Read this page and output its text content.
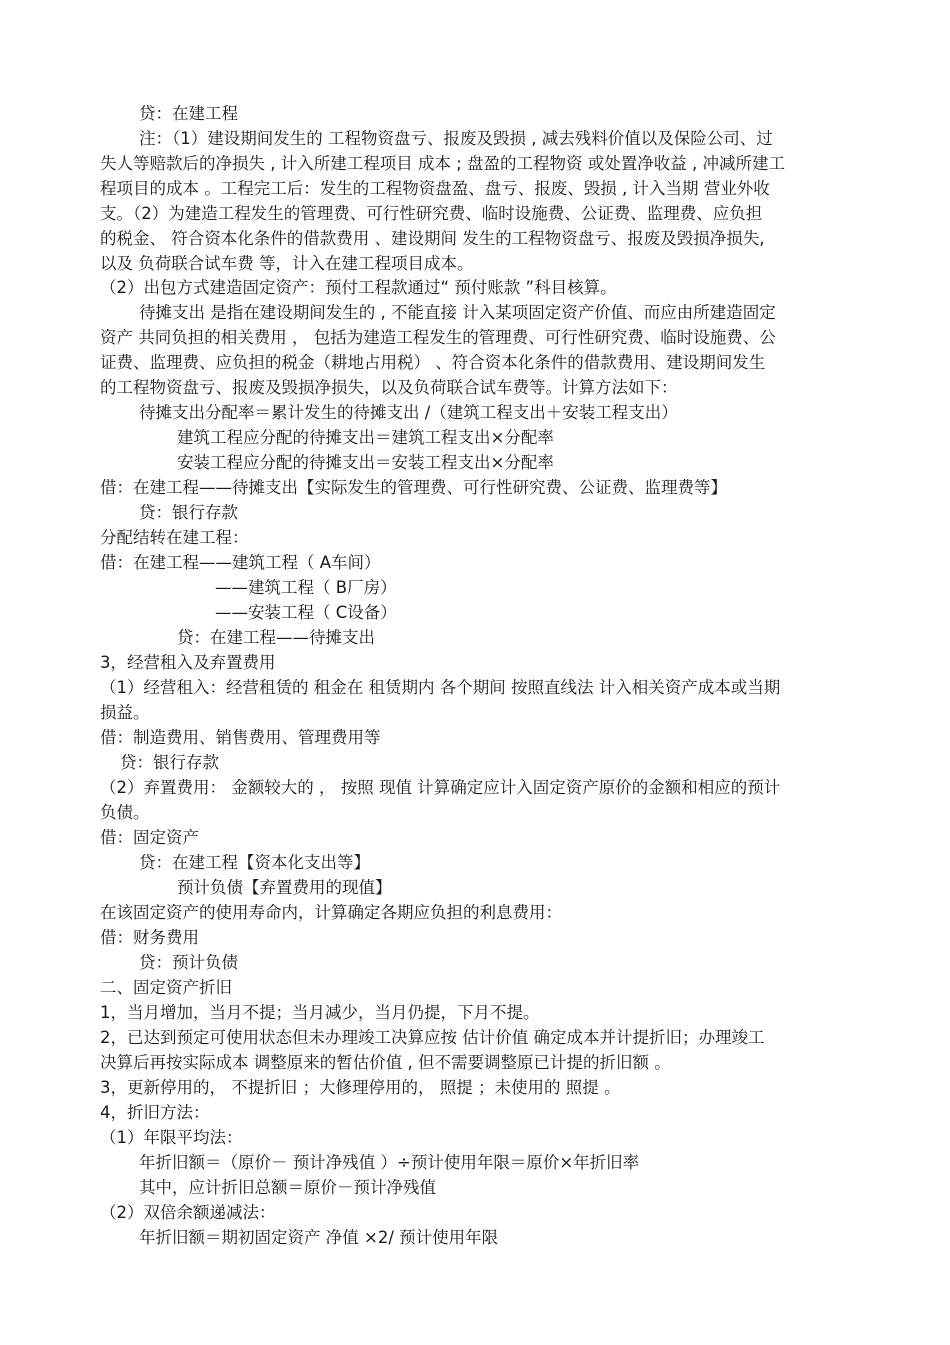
贷：在建工程
注：（1）建设期间发生的 工程物资盘亏、报废及毁损 , 减去残料价值以及保险公司、过
失人等赔款后的净损失 , 计入所建工程项目 成本 ; 盘盈的工程物资 或处置净收益 , 冲减所建工
程项目的成本 。工程完工后：发生的工程物资盘盈、盘亏、报废、毁损 , 计入当期 营业外收
支。（2）为建造工程发生的管理费、可行性研究费、临时设施费、公证费、监理费、应负担
的税金、 符合资本化条件的借款费用 、建设期间 发生的工程物资盘亏、报废及毁损净损失,
以及 负荷联合试车费 等，计入在建工程项目成本。
（2）出包方式建造固定资产：预付工程款通过“ 预付账款 ”科目核算。
待摊支出 是指在建设期间发生的 , 不能直接 计入某项固定资产价值、而应由所建造固定
资产 共同负担的相关费用 ， 包括为建造工程发生的管理费、可行性研究费、临时设施费、公
证费、监理费、应负担的税金（耕地占用税） 、符合资本化条件的借款费用、建设期间发生
的工程物资盘亏、报废及毁损净损失，以及负荷联合试车费等。计算方法如下：
待摊支出分配率＝累计发生的待摊支出 /（建筑工程支出＋安装工程支出）
建筑工程应分配的待摊支出＝建筑工程支出×分配率
安装工程应分配的待摊支出＝安装工程支出×分配率
借：在建工程——待摊支出【实际发生的管理费、可行性研究费、公证费、监理费等】
贷：银行存款
分配结转在建工程：
借：在建工程——建筑工程（ A车间）
——建筑工程（ B厂房）
——安装工程（ C设备）
贷：在建工程——待摊支出
3，经营租入及弃置费用
（1）经营租入：经营租赁的 租金在 租赁期内 各个期间 按照直线法 计入相关资产成本或当期
损益。
借：制造费用、销售费用、管理费用等
贷：银行存款
（2）弃置费用： 金额较大的 ， 按照 现值 计算确定应计入固定资产原价的金额和相应的预计
负债。
借：固定资产
贷：在建工程【资本化支出等】
预计负债【弃置费用的现值】
在该固定资产的使用寿命内，计算确定各期应负担的利息费用：
借：财务费用
贷：预计负债
二、固定资产折旧
1，当月增加，当月不提；当月减少，当月仍提，下月不提。
2，已达到预定可使用状态但未办理竣工决算应按 估计价值 确定成本并计提折旧；办理竣工
决算后再按实际成本 调整原来的暂估价值 , 但不需要调整原已计提的折旧额 。
3，更新停用的， 不提折旧 ；大修理停用的， 照提 ；未使用的 照提 。
4，折旧方法：
（1）年限平均法：
年折旧额＝（原价－ 预计净残值 ）÷预计使用年限＝原价×年折旧率
其中，应计折旧总额＝原价－预计净残值
（2）双倍余额递减法：
年折旧额＝期初固定资产 净值 ×2/ 预计使用年限
